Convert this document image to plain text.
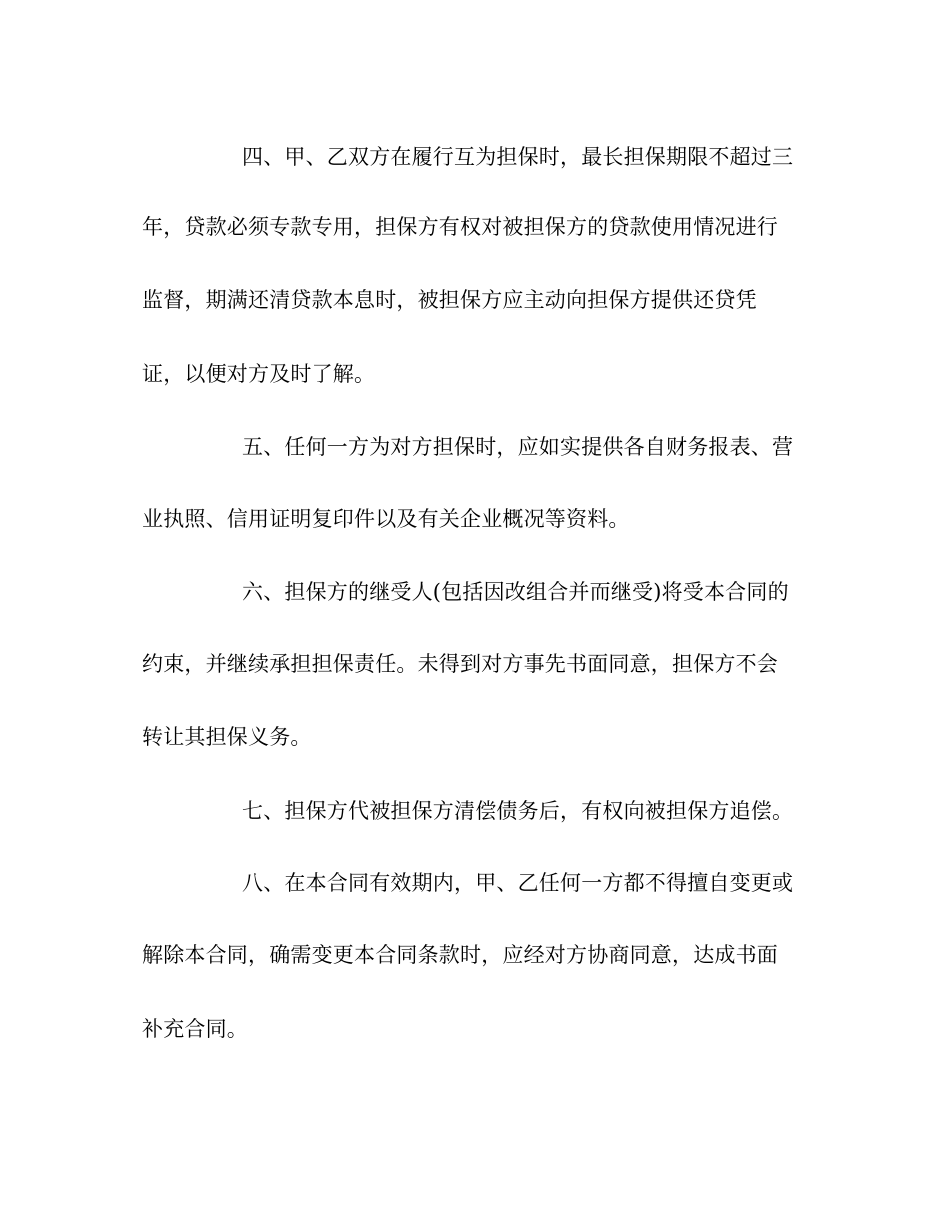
四、甲、乙双方在履行互为担保时，最长担保期限不超过三
年，贷款必须专款专用，担保方有权对被担保方的贷款使用情况进行
监督，期满还清贷款本息时，被担保方应主动向担保方提供还贷凭
证，以便对方及时了解。
五、任何一方为对方担保时，应如实提供各自财务报表、营
业执照、信用证明复印件以及有关企业概况等资料。
六、担保方的继受人(包括因改组合并而继受)将受本合同的
约束，并继续承担担保责任。未得到对方事先书面同意，担保方不会
转让其担保义务。
七、担保方代被担保方清偿债务后，有权向被担保方追偿。
八、在本合同有效期内，甲、乙任何一方都不得擅自变更或
解除本合同，确需变更本合同条款时，应经对方协商同意，达成书面
补充合同。
